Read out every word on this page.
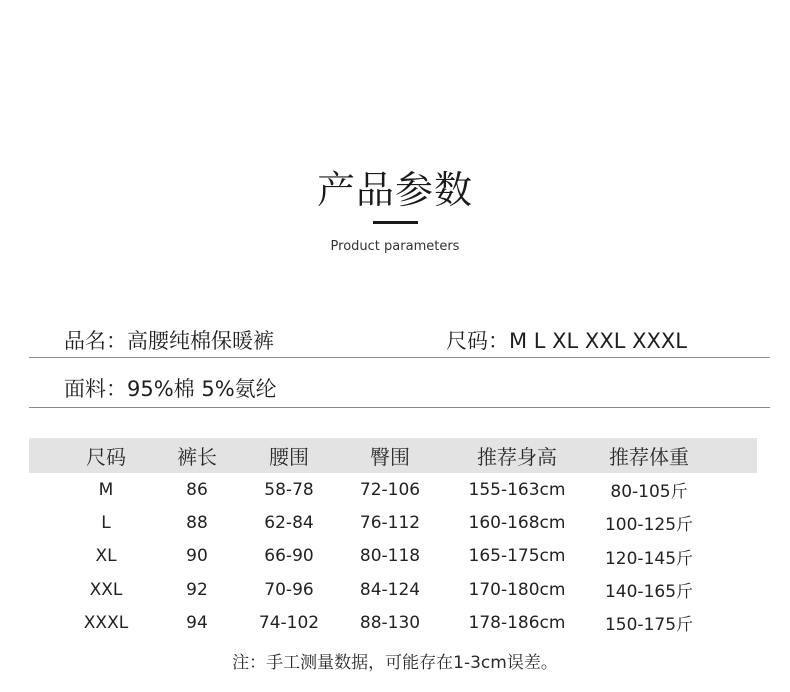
产品参数
Product parameters
品名：高腰纯棉保暖裤	尺码：M L XL XXL XXXL
面料：95%棉 5%氨纶
尺码	裤长	腰围	臀围	推荐身高	推荐体重
M	86	58-78	72-106	155-163cm	80-105斤
L	88	62-84	76-112	160-168cm 100-125斤
XL	90	66-90	80-118	165-175cm 120-145斤
XXL	92	70-96	84-124	170-180cm 140-165斤
XXXL	94	74-102 88-130	178-186cm 150-175斤
注：手工测量数据，可能存在1-3cm误差。
